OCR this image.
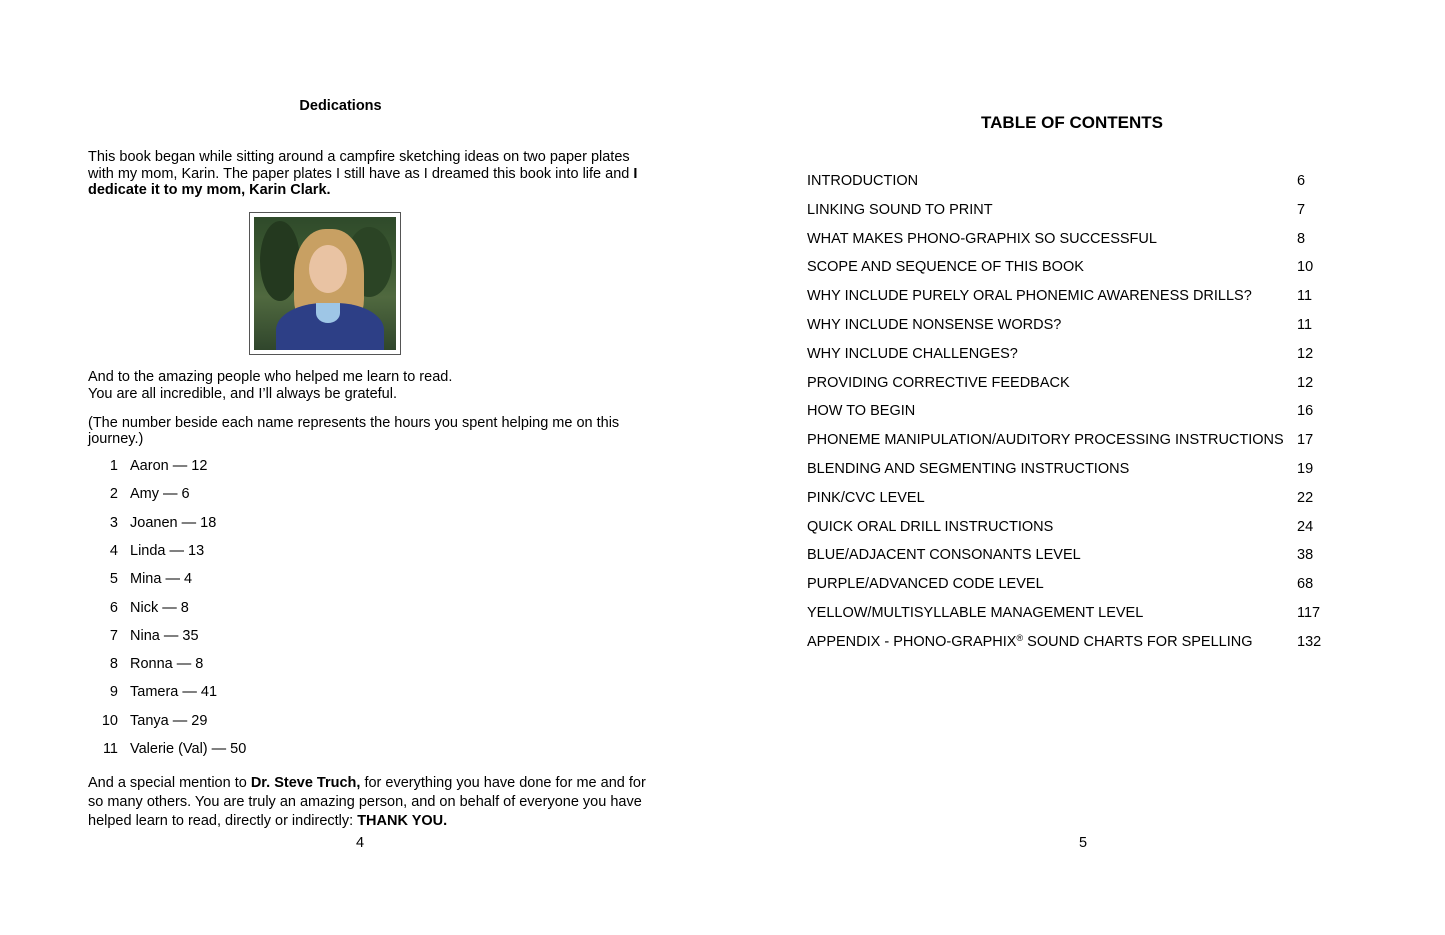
Dedications
This book began while sitting around a campfire sketching ideas on two paper plates with my mom, Karin. The paper plates I still have as I dreamed this book into life and I dedicate it to my mom, Karin Clark.
And to the amazing people who helped me learn to read.
You are all incredible, and I’ll always be grateful.
(The number beside each name represents the hours you spent helping me on this journey.)
1 Aaron — 12
2 Amy — 6
3 Joanen — 18
4 Linda — 13
5 Mina — 4
6 Nick — 8
7 Nina — 35
8 Ronna — 8
9 Tamera — 41
10 Tanya — 29
11 Valerie (Val) — 50
And a special mention to Dr. Steve Truch, for everything you have done for me and for so many others. You are truly an amazing person, and on behalf of everyone you have helped learn to read, directly or indirectly: THANK YOU.
4
TABLE OF CONTENTS
INTRODUCTION	6
LINKING SOUND TO PRINT	7
WHAT MAKES PHONO-GRAPHIX SO SUCCESSFUL	8
SCOPE AND SEQUENCE OF THIS BOOK	10
WHY INCLUDE PURELY ORAL PHONEMIC AWARENESS DRILLS?	11
WHY INCLUDE NONSENSE WORDS?	11
WHY INCLUDE CHALLENGES?	12
PROVIDING CORRECTIVE FEEDBACK	12
HOW TO BEGIN	16
PHONEME MANIPULATION/AUDITORY PROCESSING INSTRUCTIONS 17
BLENDING AND SEGMENTING INSTRUCTIONS	19
PINK/CVC LEVEL	22
QUICK ORAL DRILL INSTRUCTIONS	24
BLUE/ADJACENT CONSONANTS LEVEL	38
PURPLE/ADVANCED CODE LEVEL	68
YELLOW/MULTISYLLABLE MANAGEMENT LEVEL	117
APPENDIX - PHONO-GRAPHIX® SOUND CHARTS FOR SPELLING	132
5
